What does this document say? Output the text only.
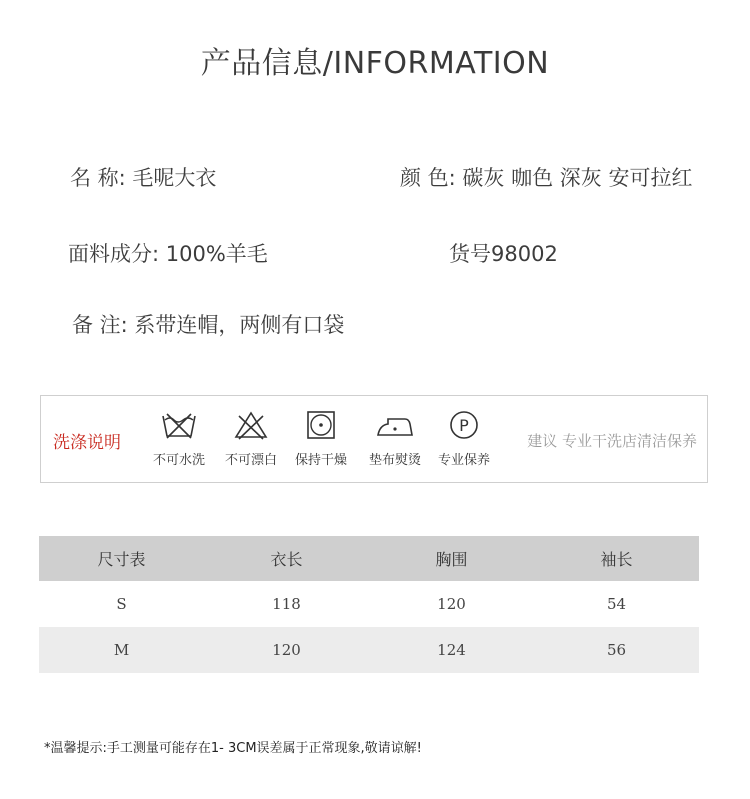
产品信息/INFORMATION
名 称: 毛呢大衣	颜 色: 碳灰 咖色 深灰 安可拉红
面料成分: 100%羊毛	货号98002
备 注: 系带连帽，两侧有口袋
洗涤说明
不可水洗	不可漂白	保持干燥	垫布熨烫
P
专业保养
建议 专业干洗店清洁保养
尺寸表	衣长	胸围	袖长
S	118	120	54
M	120	124	56
*温馨提示:手工测量可能存在1- 3CM误差属于正常现象,敬请谅解!
